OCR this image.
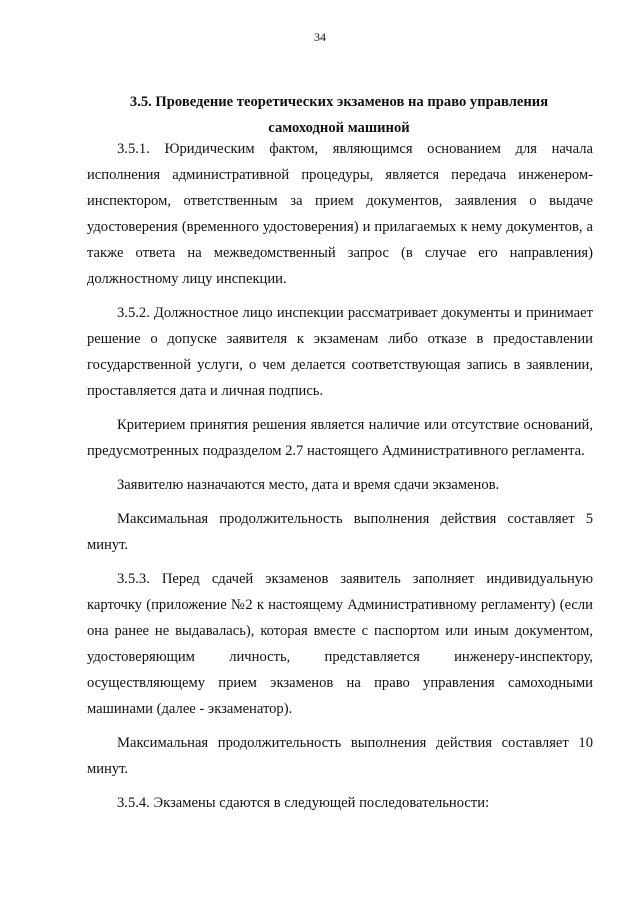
34
3.5. Проведение теоретических экзаменов на право управления
самоходной машиной

3.5.1. Юридическим фактом, являющимся основанием для начала исполнения административной процедуры, является передача инженером-инспектором, ответственным за прием документов, заявления о выдаче удостоверения (временного удостоверения) и прилагаемых к нему документов, а также ответа на межведомственный запрос (в случае его направления) должностному лицу инспекции.

3.5.2. Должностное лицо инспекции рассматривает документы и принимает решение о допуске заявителя к экзаменам либо отказе в предоставлении государственной услуги, о чем делается соответствующая запись в заявлении, проставляется дата и личная подпись.

Критерием принятия решения является наличие или отсутствие оснований, предусмотренных подразделом 2.7 настоящего Административного регламента.

Заявителю назначаются место, дата и время сдачи экзаменов.

Максимальная продолжительность выполнения действия составляет 5 минут.

3.5.3. Перед сдачей экзаменов заявитель заполняет индивидуальную карточку (приложение №2 к настоящему Административному регламенту) (если она ранее не выдавалась), которая вместе с паспортом или иным документом, удостоверяющим личность, представляется инженеру-инспектору, осуществляющему прием экзаменов на право управления самоходными машинами (далее - экзаменатор).

Максимальная продолжительность выполнения действия составляет 10 минут.

3.5.4. Экзамены сдаются в следующей последовательности:
